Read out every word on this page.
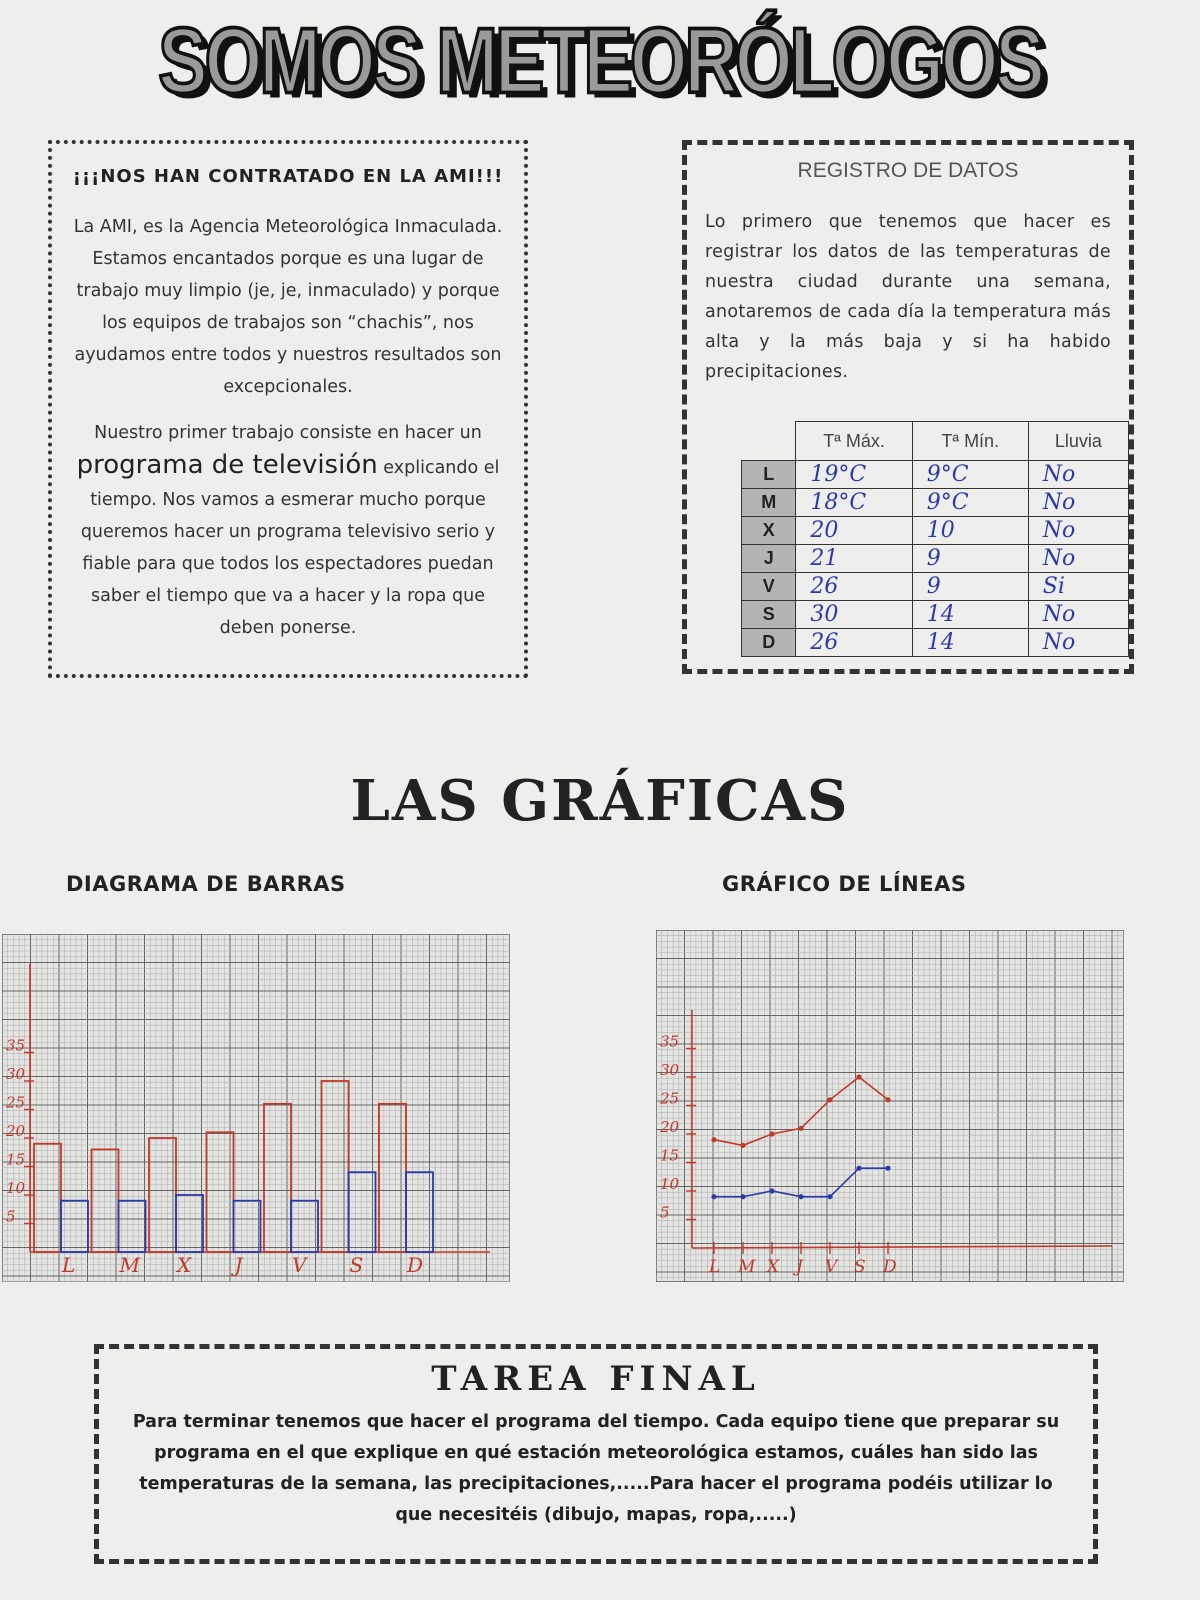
SOMOS METEORÓLOGOS
¡¡¡NOS HAN CONTRATADO EN LA AMI!!!

La AMI, es la Agencia Meteorológica Inmaculada. Estamos encantados porque es una lugar de trabajo muy limpio (je, je, inmaculado) y porque los equipos de trabajos son “chachis”, nos ayudamos entre todos y nuestros resultados son excepcionales.

Nuestro primer trabajo consiste en hacer un programa de televisión explicando el tiempo. Nos vamos a esmerar mucho porque queremos hacer un programa televisivo serio y fiable para que todos los espectadores puedan saber el tiempo que va a hacer y la ropa que deben ponerse.

REGISTRO DE DATOS

Lo primero que tenemos que hacer es registrar los datos de las temperaturas de nuestra ciudad durante una semana, anotaremos de cada día la temperatura más alta y la más baja y si ha habido precipitaciones.

	Tª Máx.	Tª Mín.	Lluvia
L	19°C	9°C	No
M	18°C	9°C	No
X	20	10	No
J	21	9	No
V	26	9	Si
S	30	14	No
D	26	14	No
LAS GRÁFICAS
DIAGRAMA DE BARRAS	GRÁFICO DE LÍNEAS
5
10
15
20
25
30
35
L M X J V S D
5
10
15
20
25
30
35
L M X J V S D
TAREA FINAL

Para terminar tenemos que hacer el programa del tiempo. Cada equipo tiene que preparar su programa en el que explique en qué estación meteorológica estamos, cuáles han sido las temperaturas de la semana, las precipitaciones,.....Para hacer el programa podéis utilizar lo que necesitéis (dibujo, mapas, ropa,.....)
